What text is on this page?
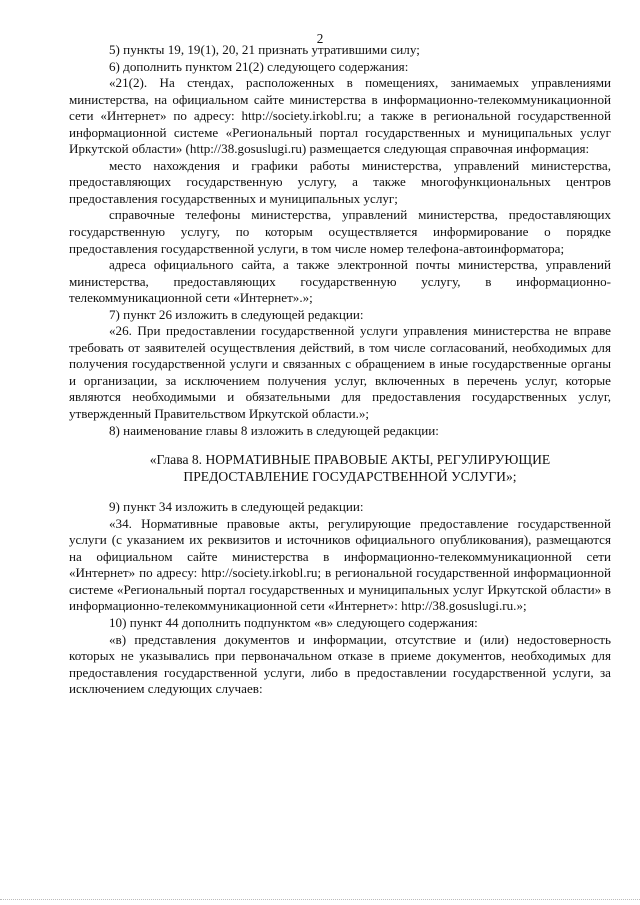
2

5) пункты 19, 19(1), 20, 21 признать утратившими силу;

6) дополнить пунктом 21(2) следующего содержания:

«21(2). На стендах, расположенных в помещениях, занимаемых управлениями министерства, на официальном сайте министерства в информационно-телекоммуникационной сети «Интернет» по адресу: http://society.irkobl.ru; а также в региональной государственной информационной системе «Региональный портал государственных и муниципальных услуг Иркутской области» (http://38.gosuslugi.ru) размещается следующая справочная информация:

место нахождения и графики работы министерства, управлений министерства, предоставляющих государственную услугу, а также многофункциональных центров предоставления государственных и муниципальных услуг;

справочные телефоны министерства, управлений министерства, предоставляющих государственную услугу, по которым осуществляется информирование о порядке предоставления государственной услуги, в том числе номер телефона-автоинформатора;

адреса официального сайта, а также электронной почты министерства, управлений министерства, предоставляющих государственную услугу, в информационно-телекоммуникационной сети «Интернет».»;

7) пункт 26 изложить в следующей редакции:

«26. При предоставлении государственной услуги управления министерства не вправе требовать от заявителей осуществления действий, в том числе согласований, необходимых для получения государственной услуги и связанных с обращением в иные государственные органы и организации, за исключением получения услуг, включенных в перечень услуг, которые являются необходимыми и обязательными для предоставления государственных услуг, утвержденный Правительством Иркутской области.»;

8) наименование главы 8 изложить в следующей редакции:

«Глава 8. НОРМАТИВНЫЕ ПРАВОВЫЕ АКТЫ, РЕГУЛИРУЮЩИЕ ПРЕДОСТАВЛЕНИЕ ГОСУДАРСТВЕННОЙ УСЛУГИ»;

9) пункт 34 изложить в следующей редакции:

«34. Нормативные правовые акты, регулирующие предоставление государственной услуги (с указанием их реквизитов и источников официального опубликования), размещаются на официальном сайте министерства в информационно-телекоммуникационной сети «Интернет» по адресу: http://society.irkobl.ru; в региональной государственной информационной системе «Региональный портал государственных и муниципальных услуг Иркутской области» в информационно-телекоммуникационной сети «Интернет»: http://38.gosuslugi.ru.»;

10) пункт 44 дополнить подпунктом «в» следующего содержания:

«в) представления документов и информации, отсутствие и (или) недостоверность которых не указывались при первоначальном отказе в приеме документов, необходимых для предоставления государственной услуги, либо в предоставлении государственной услуги, за исключением следующих случаев:
